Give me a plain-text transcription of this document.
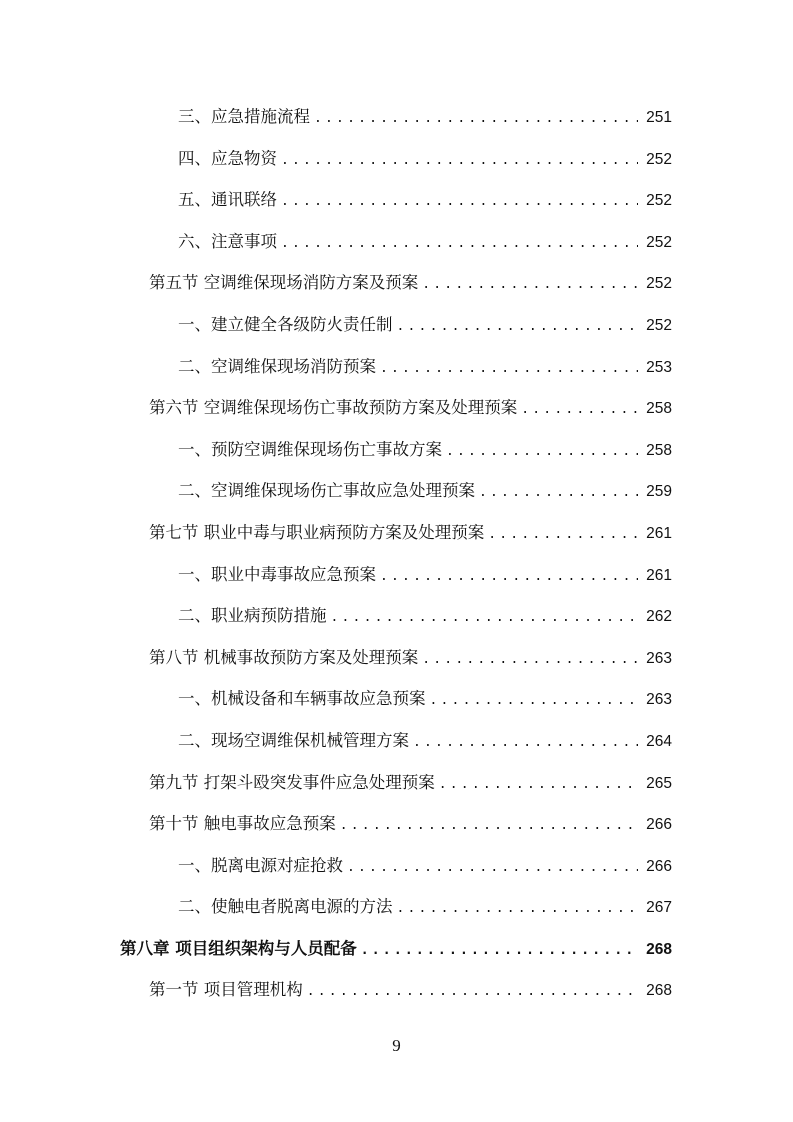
三、应急措施流程 .....	251
四、应急物资 .....	252
五、通讯联络 .....	252
六、注意事项 .....	252
第五节 空调维保现场消防方案及预案 .....	252
一、建立健全各级防火责任制 .....	252
二、空调维保现场消防预案 .....	253
第六节 空调维保现场伤亡事故预防方案及处理预案 .....	258
一、预防空调维保现场伤亡事故方案 .....	258
二、空调维保现场伤亡事故应急处理预案 .....	259
第七节 职业中毒与职业病预防方案及处理预案 .....	261
一、职业中毒事故应急预案 .....	261
二、职业病预防措施 .....	262
第八节 机械事故预防方案及处理预案 .....	263
一、机械设备和车辆事故应急预案 .....	263
二、现场空调维保机械管理方案 .....	264
第九节 打架斗殴突发事件应急处理预案 .....	265
第十节 触电事故应急预案 .....	266
一、脱离电源对症抢救 .....	266
二、使触电者脱离电源的方法 .....	267
第八章 项目组织架构与人员配备 .....	268
第一节 项目管理机构 .....	268
9
